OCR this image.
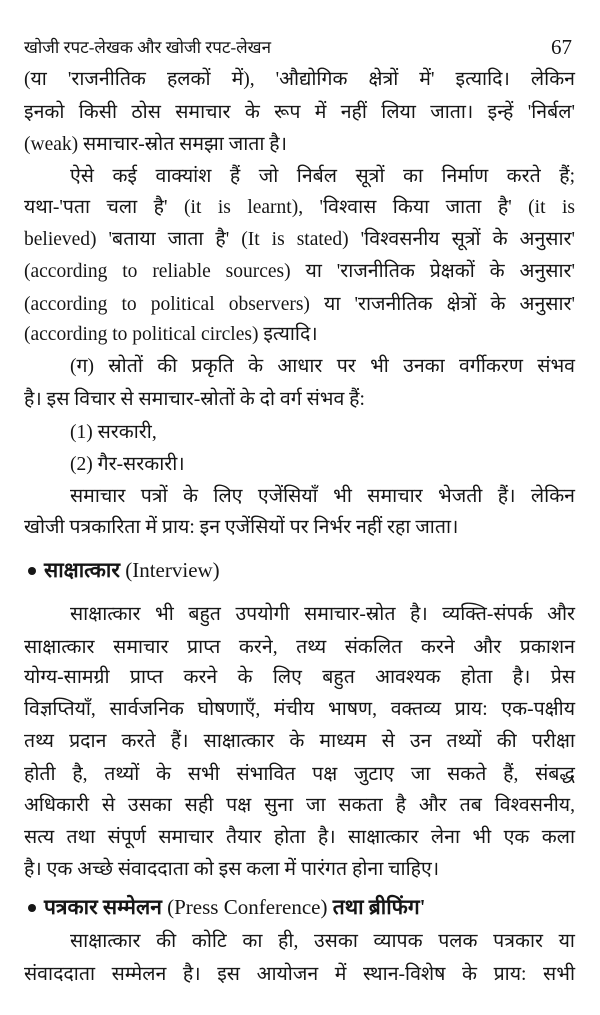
खोजी रपट-लेखक और खोजी रपट-लेखन	67
(या 'राजनीतिक हलकों में), 'औद्योगिक क्षेत्रों में' इत्यादि। लेकिन
इनको किसी ठोस समाचार के रूप में नहीं लिया जाता। इन्हें 'निर्बल'
(weak) समाचार-स्रोत समझा जाता है।
ऐसे कई वाक्यांश हैं जो निर्बल सूत्रों का निर्माण करते हैं;
यथा-'पता चला है' (it is learnt), 'विश्वास किया जाता है' (it is
believed) 'बताया जाता है' (It is stated) 'विश्वसनीय सूत्रों के अनुसार'
(according to reliable sources) या 'राजनीतिक प्रेक्षकों के अनुसार'
(according to political observers) या 'राजनीतिक क्षेत्रों के अनुसार'
(according to political circles) इत्यादि।
(ग) स्रोतों की प्रकृति के आधार पर भी उनका वर्गीकरण संभव
है। इस विचार से समाचार-स्रोतों के दो वर्ग संभव हैं:
(1) सरकारी,
(2) गैर-सरकारी।
समाचार पत्रों के लिए एजेंसियाँ भी समाचार भेजती हैं। लेकिन
खोजी पत्रकारिता में प्राय: इन एजेंसियों पर निर्भर नहीं रहा जाता।
साक्षात्कार (Interview)
साक्षात्कार भी बहुत उपयोगी समाचार-स्रोत है। व्यक्ति-संपर्क और
साक्षात्कार समाचार प्राप्त करने, तथ्य संकलित करने और प्रकाशन
योग्य-सामग्री प्राप्त करने के लिए बहुत आवश्यक होता है। प्रेस
विज्ञप्तियाँ, सार्वजनिक घोषणाएँ, मंचीय भाषण, वक्तव्य प्राय: एक-पक्षीय
तथ्य प्रदान करते हैं। साक्षात्कार के माध्यम से उन तथ्यों की परीक्षा
होती है, तथ्यों के सभी संभावित पक्ष जुटाए जा सकते हैं, संबद्ध
अधिकारी से उसका सही पक्ष सुना जा सकता है और तब विश्वसनीय,
सत्य तथा संपूर्ण समाचार तैयार होता है। साक्षात्कार लेना भी एक कला
है। एक अच्छे संवाददाता को इस कला में पारंगत होना चाहिए।
पत्रकार सम्मेलन (Press Conference) तथा ब्रीफिंग'
साक्षात्कार की कोटि का ही, उसका व्यापक पलक पत्रकार या
संवाददाता सम्मेलन है। इस आयोजन में स्थान-विशेष के प्राय: सभी
